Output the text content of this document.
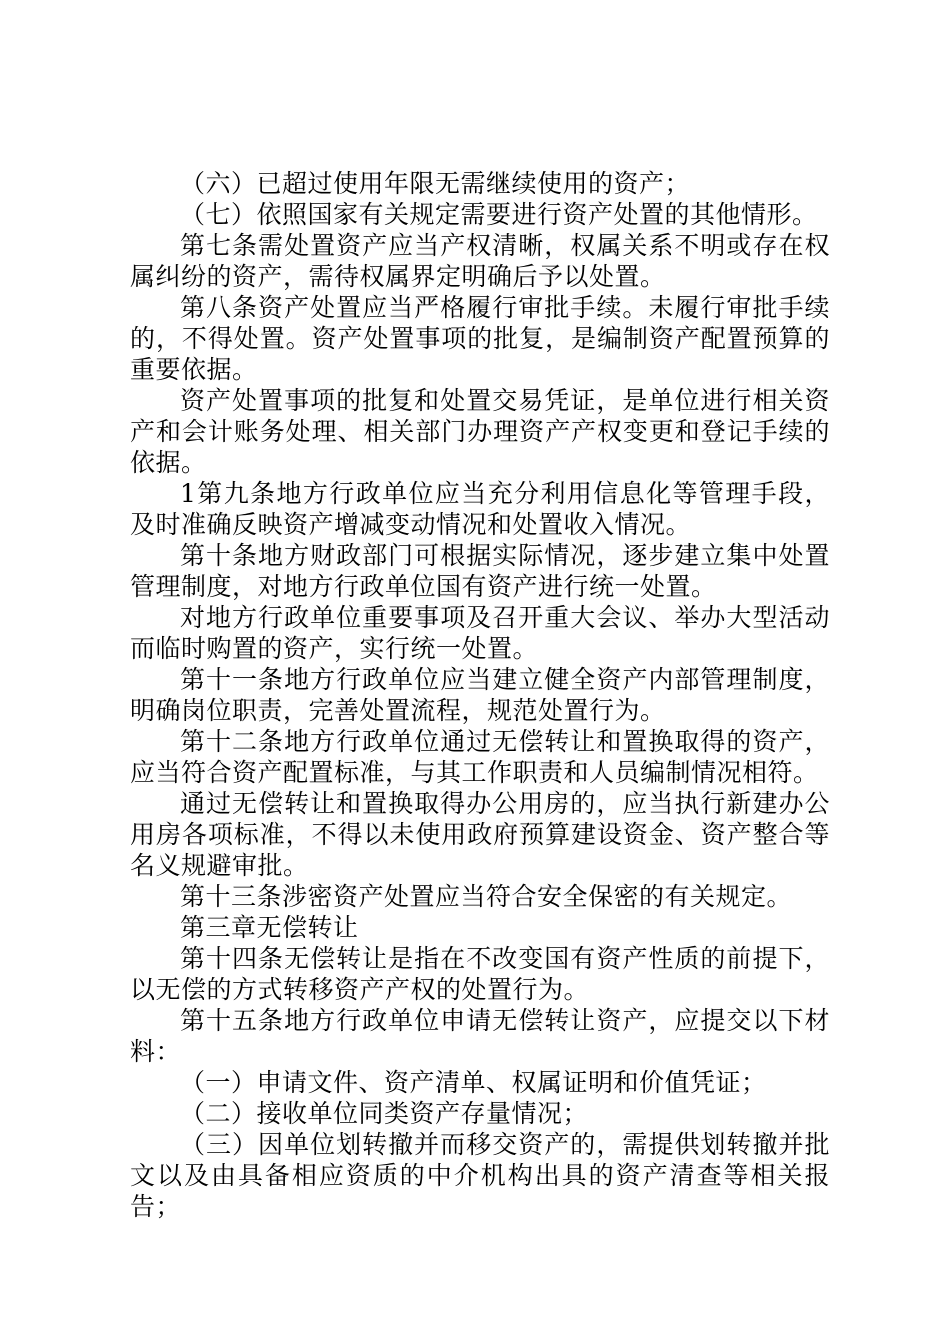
（六）已超过使用年限无需继续使用的资产；

（七）依照国家有关规定需要进行资产处置的其他情形。

第七条需处置资产应当产权清晰，权属关系不明或存在权属纠纷的资产，需待权属界定明确后予以处置。

第八条资产处置应当严格履行审批手续。未履行审批手续的，不得处置。资产处置事项的批复，是编制资产配置预算的重要依据。

资产处置事项的批复和处置交易凭证，是单位进行相关资产和会计账务处理、相关部门办理资产产权变更和登记手续的依据。

1第九条地方行政单位应当充分利用信息化等管理手段，及时准确反映资产增减变动情况和处置收入情况。

第十条地方财政部门可根据实际情况，逐步建立集中处置管理制度，对地方行政单位国有资产进行统一处置。

对地方行政单位重要事项及召开重大会议、举办大型活动而临时购置的资产，实行统一处置。

第十一条地方行政单位应当建立健全资产内部管理制度，明确岗位职责，完善处置流程，规范处置行为。

第十二条地方行政单位通过无偿转让和置换取得的资产，应当符合资产配置标准，与其工作职责和人员编制情况相符。

通过无偿转让和置换取得办公用房的，应当执行新建办公用房各项标准，不得以未使用政府预算建设资金、资产整合等名义规避审批。

第十三条涉密资产处置应当符合安全保密的有关规定。

第三章无偿转让

第十四条无偿转让是指在不改变国有资产性质的前提下，以无偿的方式转移资产产权的处置行为。

第十五条地方行政单位申请无偿转让资产，应提交以下材料：

（一）申请文件、资产清单、权属证明和价值凭证；

（二）接收单位同类资产存量情况；

（三）因单位划转撤并而移交资产的，需提供划转撤并批文以及由具备相应资质的中介机构出具的资产清查等相关报告；
